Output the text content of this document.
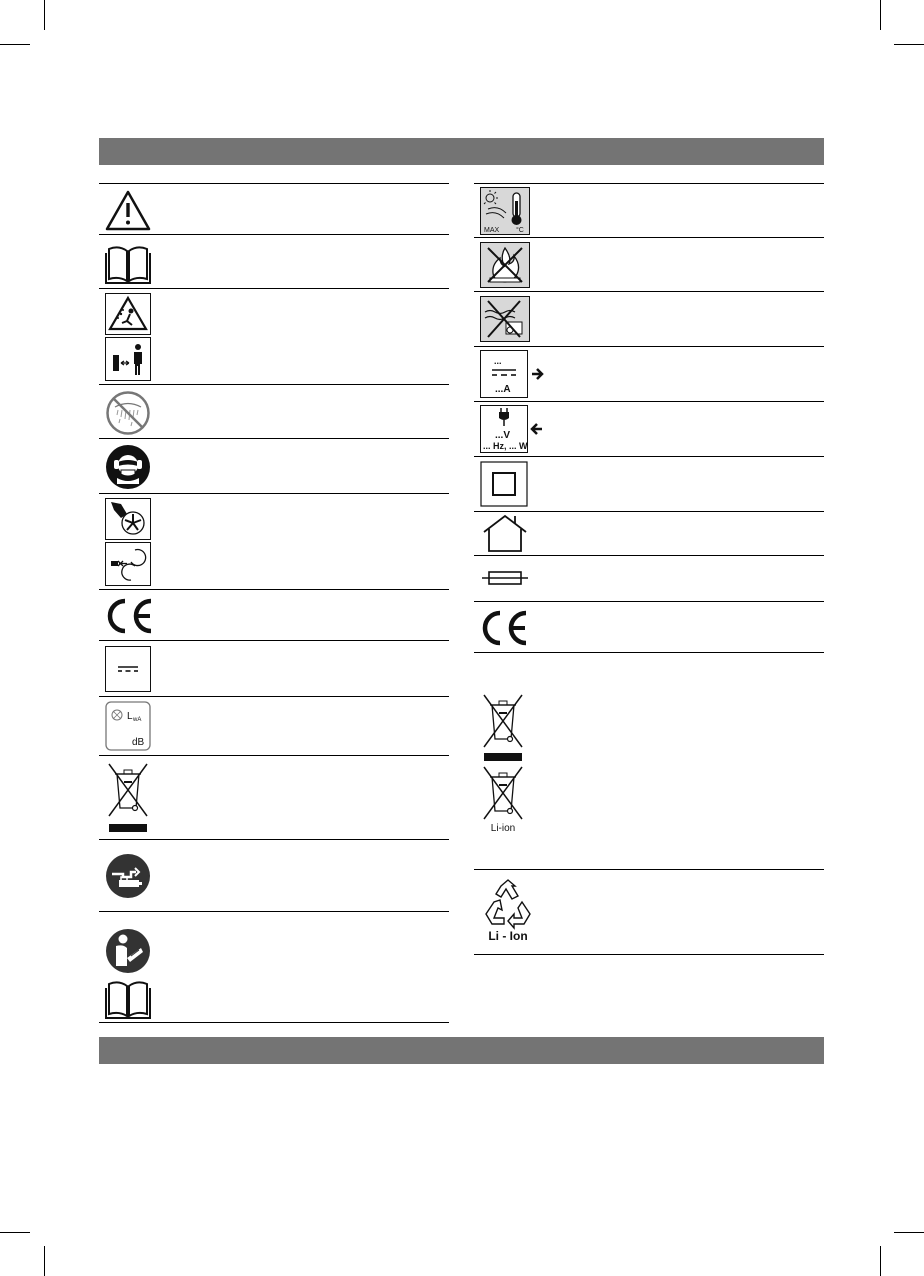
L wA
dB
MAX °C
...
...A
...V
... Hz, ... W
Li-ion
Li - Ion
